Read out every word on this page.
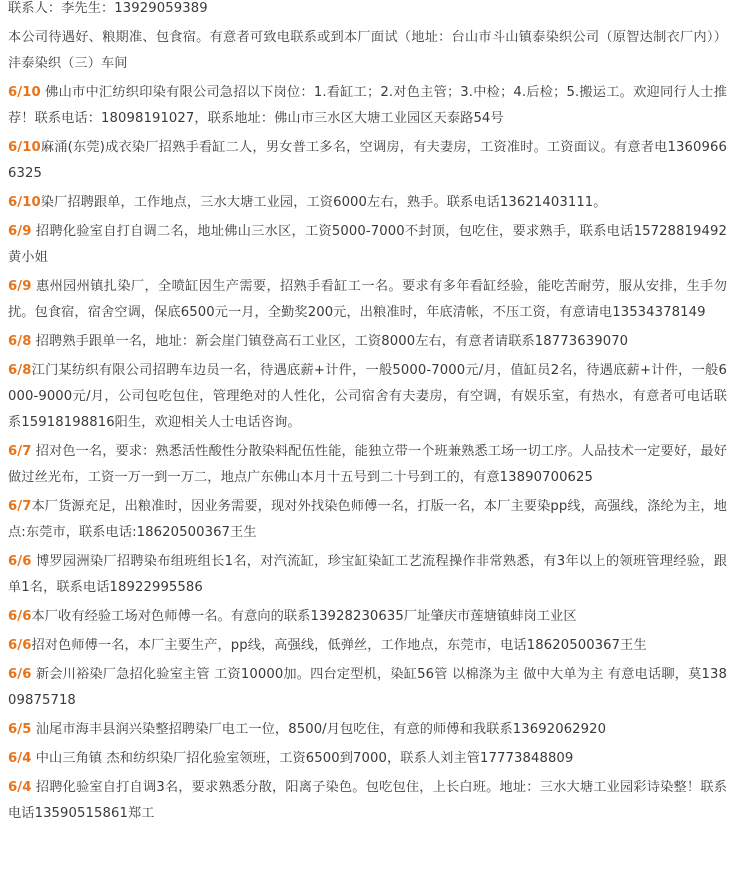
联系人：李先生：13929059389

本公司待遇好、粮期准、包食宿。有意者可致电联系或到本厂面试（地址：台山市斗山镇泰染织公司（原智达制衣厂内））沣泰染织（三）车间

6/10 佛山市中汇纺织印染有限公司急招以下岗位：1.看缸工；2.对色主管；3.中检；4.后检；5.搬运工。欢迎同行人士推荐！联系电话：18098191027，联系地址：佛山市三水区大塘工业园区天泰路54号

6/10麻涌(东莞)成衣染厂招熟手看缸二人，男女普工多名，空调房，有夫妻房，工资准时。工资面议。有意者电13609666325

6/10染厂招聘跟单，工作地点，三水大塘工业园，工资6000左右，熟手。联系电话13621403111。

6/9 招聘化验室自打自调二名，地址佛山三水区，工资5000-7000不封顶，包吃住，要求熟手，联系电话15728819492黄小姐

6/9 惠州园州镇扎染厂，全喷缸因生产需要，招熟手看缸工一名。要求有多年看缸经验，能吃苦耐劳，服从安排，生手勿扰。包食宿，宿舍空调，保底6500元一月，全勤奖200元，出粮准时，年底清帐，不压工资，有意请电13534378149

6/8 招聘熟手跟单一名，地址：新会崖门镇登高石工业区，工资8000左右，有意者请联系18773639070

6/8江门某纺织有限公司招聘车边员一名，待遇底薪+计件，一般5000-7000元/月，值缸员2名，待遇底薪+计件，一般6000-9000元/月，公司包吃包住，管理绝对的人性化，公司宿舍有夫妻房，有空调，有娱乐室，有热水，有意者可电话联系15918198816阳生，欢迎相关人士电话咨询。

6/7 招对色一名，要求：熟悉活性酸性分散染料配伍性能，能独立带一个班兼熟悉工场一切工序。人品技术一定要好，最好做过丝光布，工资一万一到一万二，地点广东佛山本月十五号到二十号到工的，有意13890700625

6/7本厂货源充足，出粮准时，因业务需要，现对外找染色师傅一名，打版一名，本厂主要染pp线，高强线，涤纶为主，地点:东莞市，联系电话:18620500367王生

6/6 博罗园洲染厂招聘染布组班组长1名，对汽流缸，珍宝缸染缸工艺流程操作非常熟悉，有3年以上的领班管理经验，跟单1名，联系电话18922995586

6/6本厂收有经验工场对色师傅一名。有意向的联系13928230635厂址肇庆市莲塘镇蚌岗工业区

6/6招对色师傅一名，本厂主要生产，pp线，高强线，低弹丝，工作地点，东莞市，电话18620500367王生

6/6 新会川裕染厂急招化验室主管 工资10000加。四台定型机，染缸56管 以棉涤为主 做中大单为主 有意电话聊，莫13809875718

6/5 汕尾市海丰县润兴染整招聘染厂电工一位，8500/月包吃住，有意的师傅和我联系13692062920

6/4 中山三角镇 杰和纺织染厂招化验室领班，工资6500到7000，联系人刘主管17773848809

6/4 招聘化验室自打自调3名，要求熟悉分散，阳离子染色。包吃包住，上长白班。地址：三水大塘工业园彩诗染整！联系电话13590515861郑工
